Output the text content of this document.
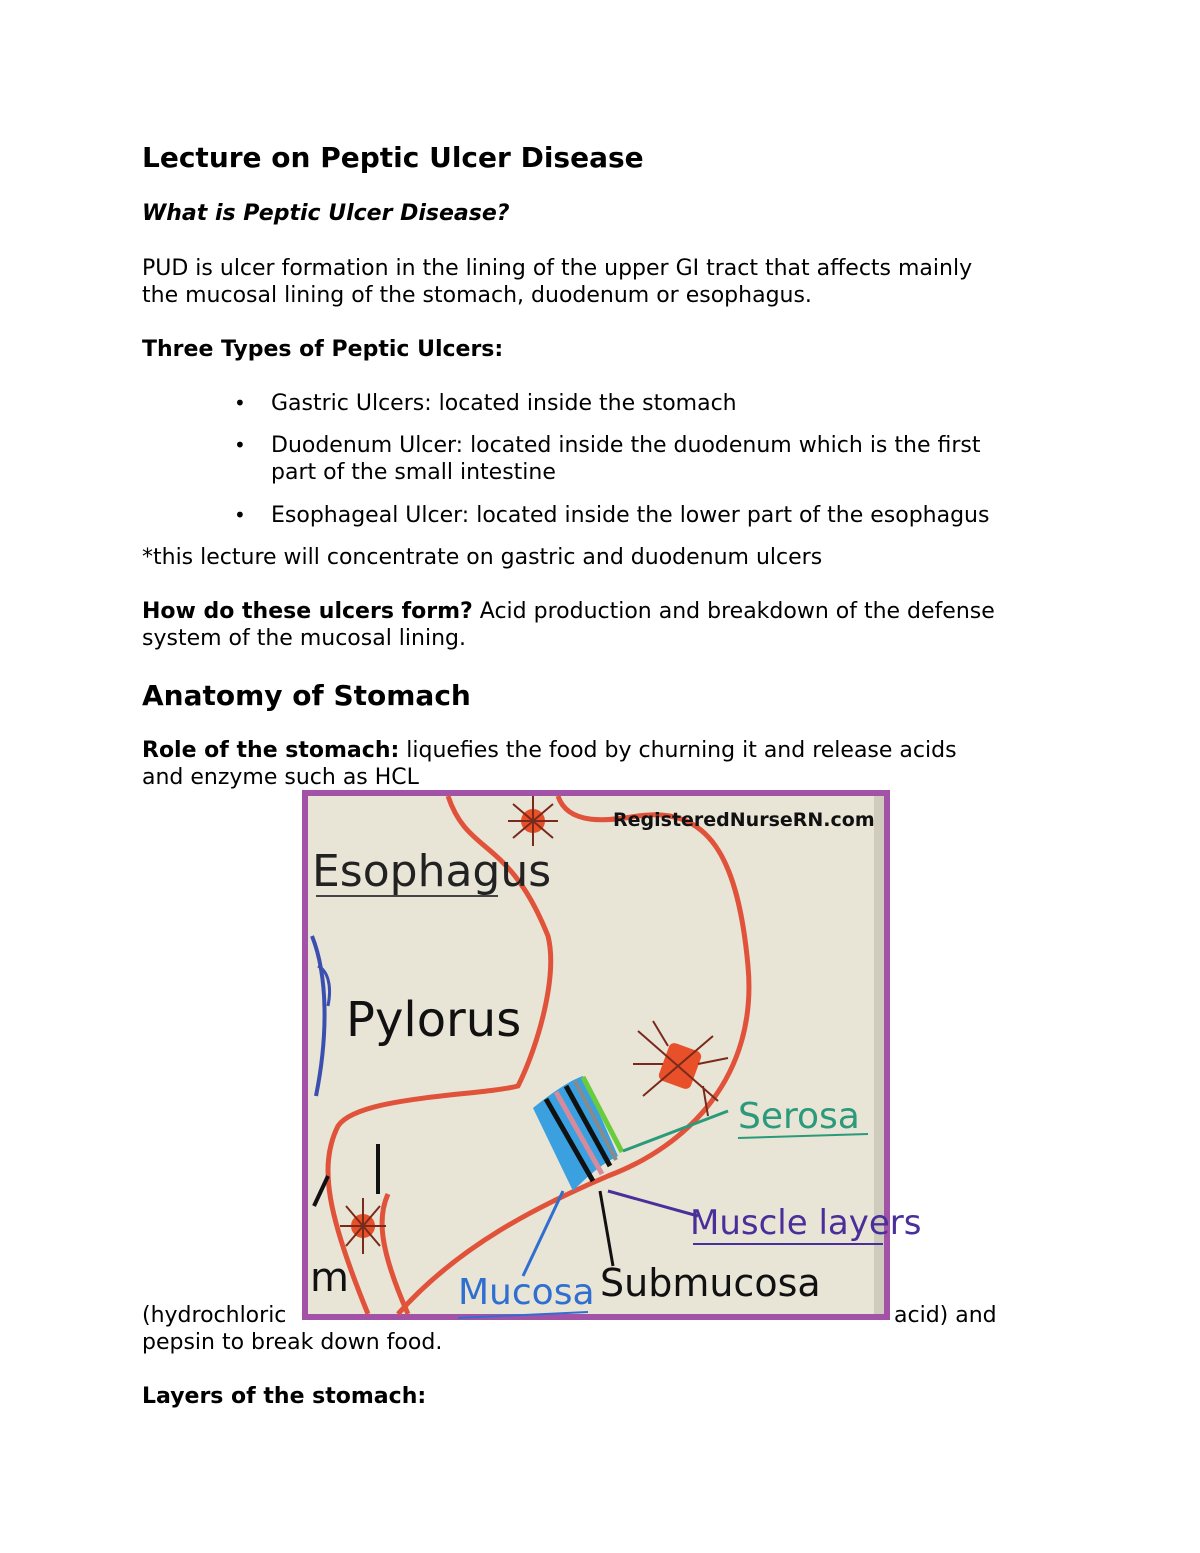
Lecture on Peptic Ulcer Disease
What is Peptic Ulcer Disease?
PUD is ulcer formation in the lining of the upper GI tract that affects mainly
the mucosal lining of the stomach, duodenum or esophagus.
Three Types of Peptic Ulcers:
• Gastric Ulcers: located inside the stomach
• Duodenum Ulcer: located inside the duodenum which is the first
part of the small intestine
• Esophageal Ulcer: located inside the lower part of the esophagus
*this lecture will concentrate on gastric and duodenum ulcers
How do these ulcers form? Acid production and breakdown of the defense
system of the mucosal lining.
Anatomy of Stomach
Role of the stomach: liquefies the food by churning it and release acids
and enzyme such as HCL
RegisteredNurseRN.com
Esophagus
Pylorus
Serosa
Muscle layers
Mucosa Submucosa
m
(hydrochloric	acid) and
pepsin to break down food.
Layers of the stomach:
